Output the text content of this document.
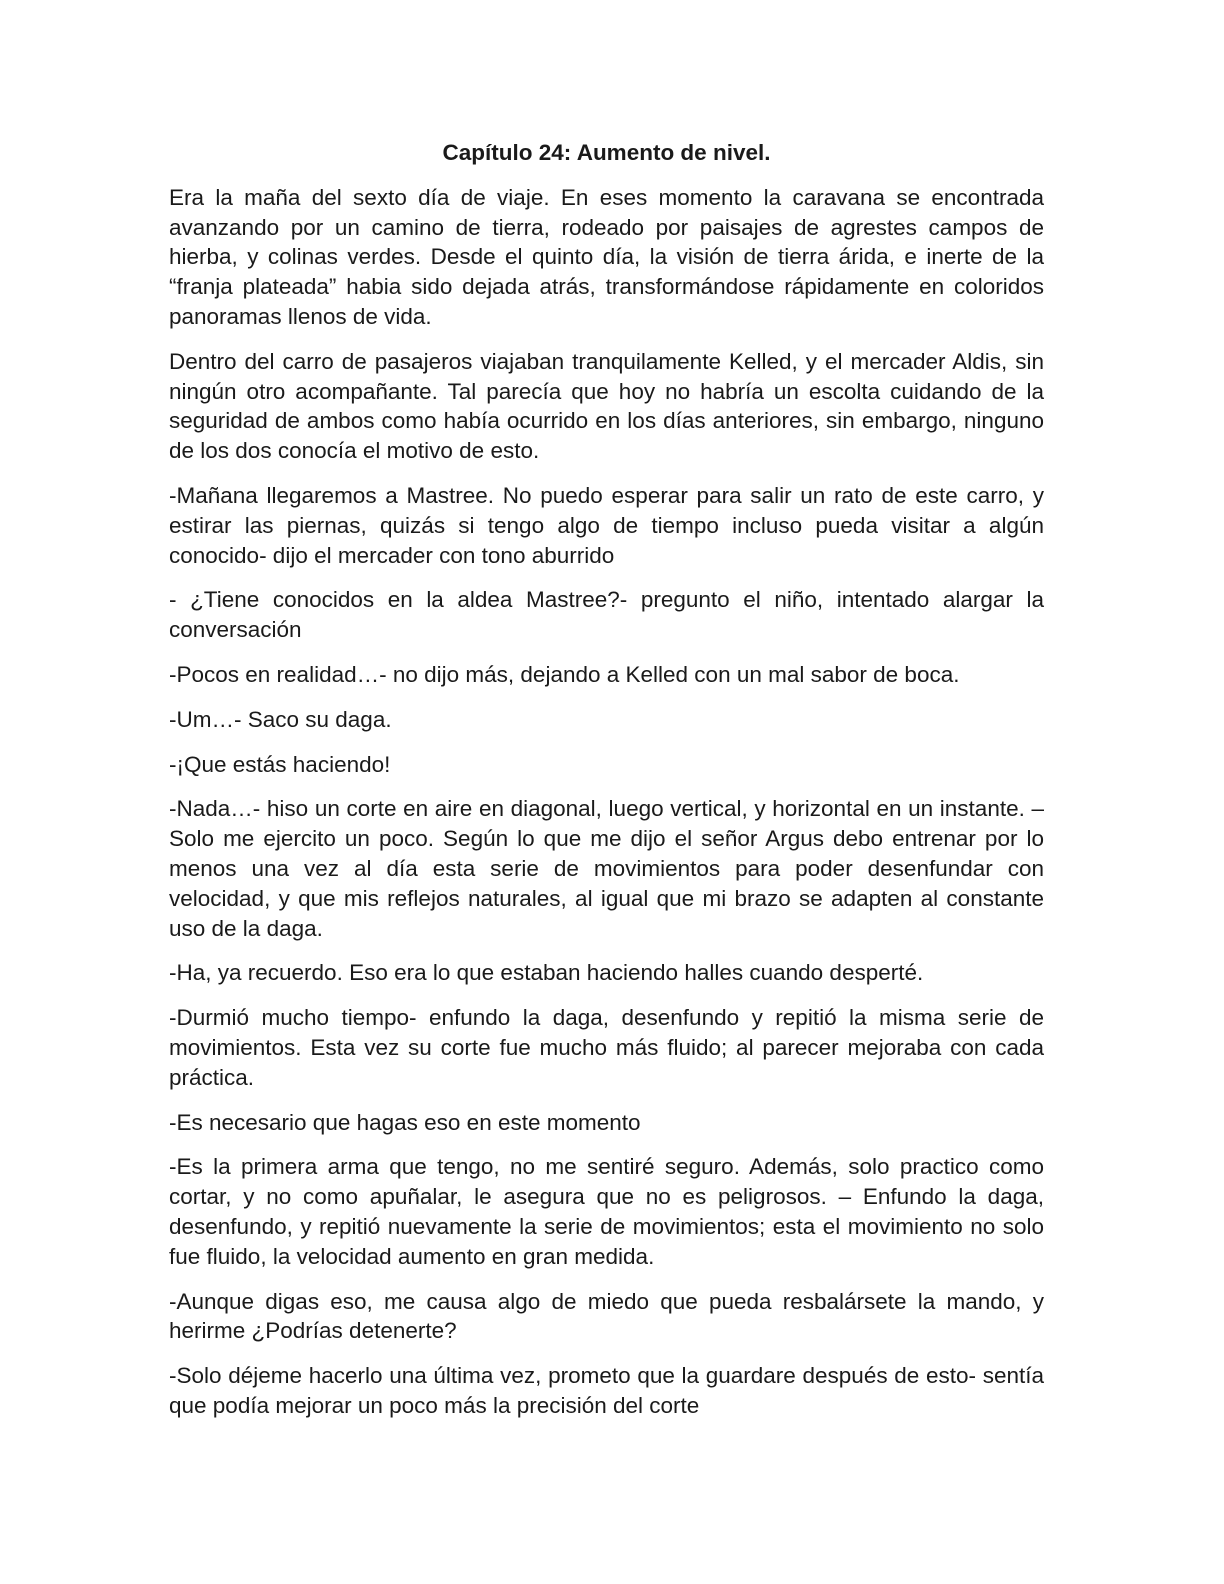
Capítulo 24: Aumento de nivel.

Era la maña del sexto día de viaje. En eses momento la caravana se encontrada avanzando por un camino de tierra, rodeado por paisajes de agrestes campos de hierba, y colinas verdes. Desde el quinto día, la visión de tierra árida, e inerte de la “franja plateada” habia sido dejada atrás, transformándose rápidamente en coloridos panoramas llenos de vida.

Dentro del carro de pasajeros viajaban tranquilamente Kelled, y el mercader Aldis, sin ningún otro acompañante. Tal parecía que hoy no habría un escolta cuidando de la seguridad de ambos como había ocurrido en los días anteriores, sin embargo, ninguno de los dos conocía el motivo de esto.

-Mañana llegaremos a Mastree. No puedo esperar para salir un rato de este carro, y estirar las piernas, quizás si tengo algo de tiempo incluso pueda visitar a algún conocido- dijo el mercader con tono aburrido

- ¿Tiene conocidos en la aldea Mastree?- pregunto el niño, intentado alargar la conversación

-Pocos en realidad…- no dijo más, dejando a Kelled con un mal sabor de boca.

-Um…- Saco su daga.

-¡Que estás haciendo!

-Nada…- hiso un corte en aire en diagonal, luego vertical, y horizontal en un instante. –Solo me ejercito un poco. Según lo que me dijo el señor Argus debo entrenar por lo menos una vez al día esta serie de movimientos para poder desenfundar con velocidad, y que mis reflejos naturales, al igual que mi brazo se adapten al constante uso de la daga.

-Ha, ya recuerdo. Eso era lo que estaban haciendo halles cuando desperté.

-Durmió mucho tiempo- enfundo la daga, desenfundo y repitió la misma serie de movimientos. Esta vez su corte fue mucho más fluido; al parecer mejoraba con cada práctica.

-Es necesario que hagas eso en este momento

-Es la primera arma que tengo, no me sentiré seguro. Además, solo practico como cortar, y no como apuñalar, le asegura que no es peligrosos. – Enfundo la daga, desenfundo, y repitió nuevamente la serie de movimientos; esta el movimiento no solo fue fluido, la velocidad aumento en gran medida.

-Aunque digas eso, me causa algo de miedo que pueda resbalársete la mando, y herirme ¿Podrías detenerte?

-Solo déjeme hacerlo una última vez, prometo que la guardare después de esto- sentía que podía mejorar un poco más la precisión del corte
